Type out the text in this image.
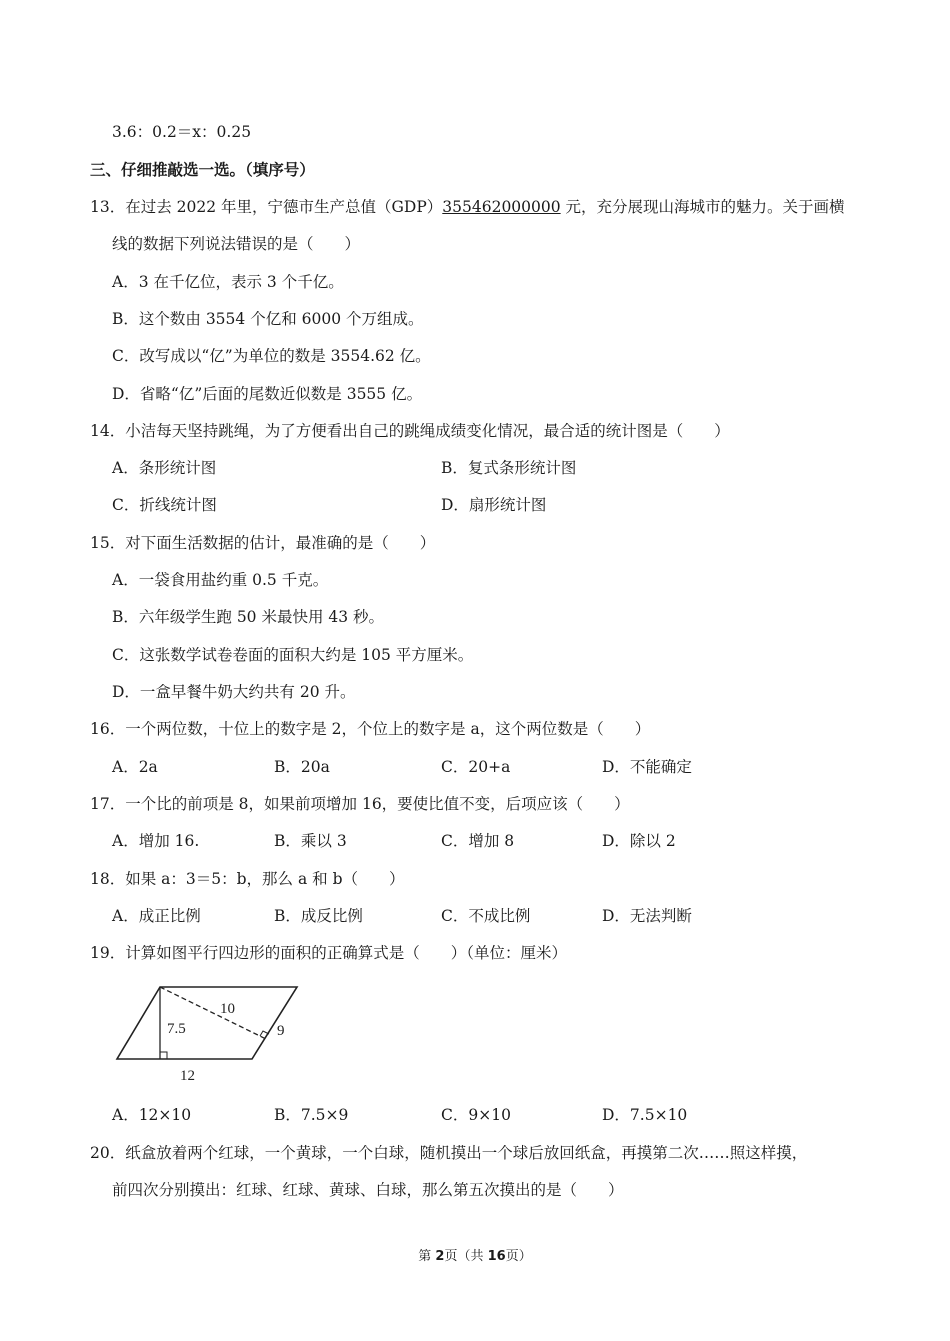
3.6：0.2＝x：0.25
三、仔细推敲选一选。（填序号）
13．在过去 2022 年里，宁德市生产总值（GDP）355462000000 元，充分展现山海城市的魅力。关于画横
线的数据下列说法错误的是（　　）
A．3 在千亿位，表示 3 个千亿。
B．这个数由 3554 个亿和 6000 个万组成。
C．改写成以“亿”为单位的数是 3554.62 亿。
D．省略“亿”后面的尾数近似数是 3555 亿。
14．小洁每天坚持跳绳，为了方便看出自己的跳绳成绩变化情况，最合适的统计图是（　　）
A．条形统计图	B．复式条形统计图
C．折线统计图	D．扇形统计图
15．对下面生活数据的估计，最准确的是（　　）
A．一袋食用盐约重 0.5 千克。
B．六年级学生跑 50 米最快用 43 秒。
C．这张数学试卷卷面的面积大约是 105 平方厘米。
D．一盒早餐牛奶大约共有 20 升。
16．一个两位数，十位上的数字是 2，个位上的数字是 a，这个两位数是（　　）
A．2a	B．20a	C．20+a	D．不能确定
17．一个比的前项是 8，如果前项增加 16，要使比值不变，后项应该（　　）
A．增加 16.	B．乘以 3	C．增加 8	D．除以 2
18．如果 a：3＝5：b，那么 a 和 b（　　）
A．成正比例	B．成反比例	C．不成比例	D．无法判断
19．计算如图平行四边形的面积的正确算式是（　　）（单位：厘米）
10
7.5	9
12
A．12×10	B．7.5×9	C．9×10	D．7.5×10
20．纸盒放着两个红球，一个黄球，一个白球，随机摸出一个球后放回纸盒，再摸第二次……照这样摸，
前四次分别摸出：红球、红球、黄球、白球，那么第五次摸出的是（　　）
第 2页（共 16页）
